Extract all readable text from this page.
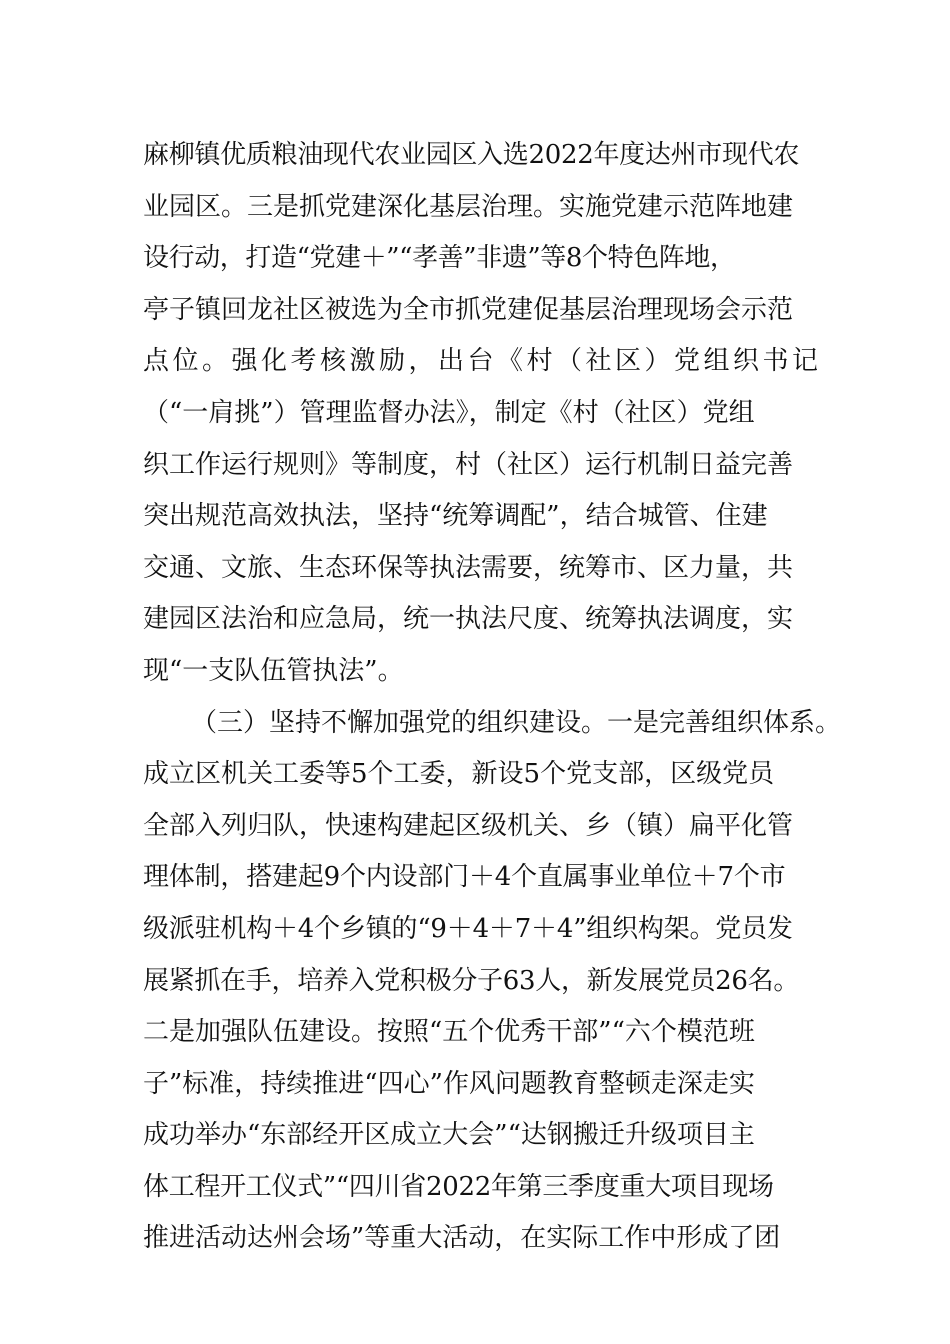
麻柳镇优质粮油现代农业园区入选2022年度达州市现代农
业园区。三是抓党建深化基层治理。实施党建示范阵地建
设行动，打造“党建＋”“孝善”非遗”等8个特色阵地，
亭子镇回龙社区被选为全市抓党建促基层治理现场会示范
点位。强化考核激励，出台《村（社区）党组织书记
（“一肩挑”）管理监督办法》，制定《村（社区）党组
织工作运行规则》等制度，村（社区）运行机制日益完善
突出规范高效执法，坚持“统筹调配”，结合城管、住建
交通、文旅、生态环保等执法需要，统筹市、区力量，共
建园区法治和应急局，统一执法尺度、统筹执法调度，实
现“一支队伍管执法”。
（三）坚持不懈加强党的组织建设。一是完善组织体系。
成立区机关工委等5个工委，新设5个党支部，区级党员
全部入列归队，快速构建起区级机关、乡（镇）扁平化管
理体制，搭建起9个内设部门＋4个直属事业单位＋7个市
级派驻机构＋4个乡镇的“9＋4＋7＋4”组织构架。党员发
展紧抓在手，培养入党积极分子63人，新发展党员26名。
二是加强队伍建设。按照“五个优秀干部”“六个模范班
子”标准，持续推进“四心”作风问题教育整顿走深走实
成功举办“东部经开区成立大会”“达钢搬迁升级项目主
体工程开工仪式”“四川省2022年第三季度重大项目现场
推进活动达州会场”等重大活动，在实际工作中形成了团
